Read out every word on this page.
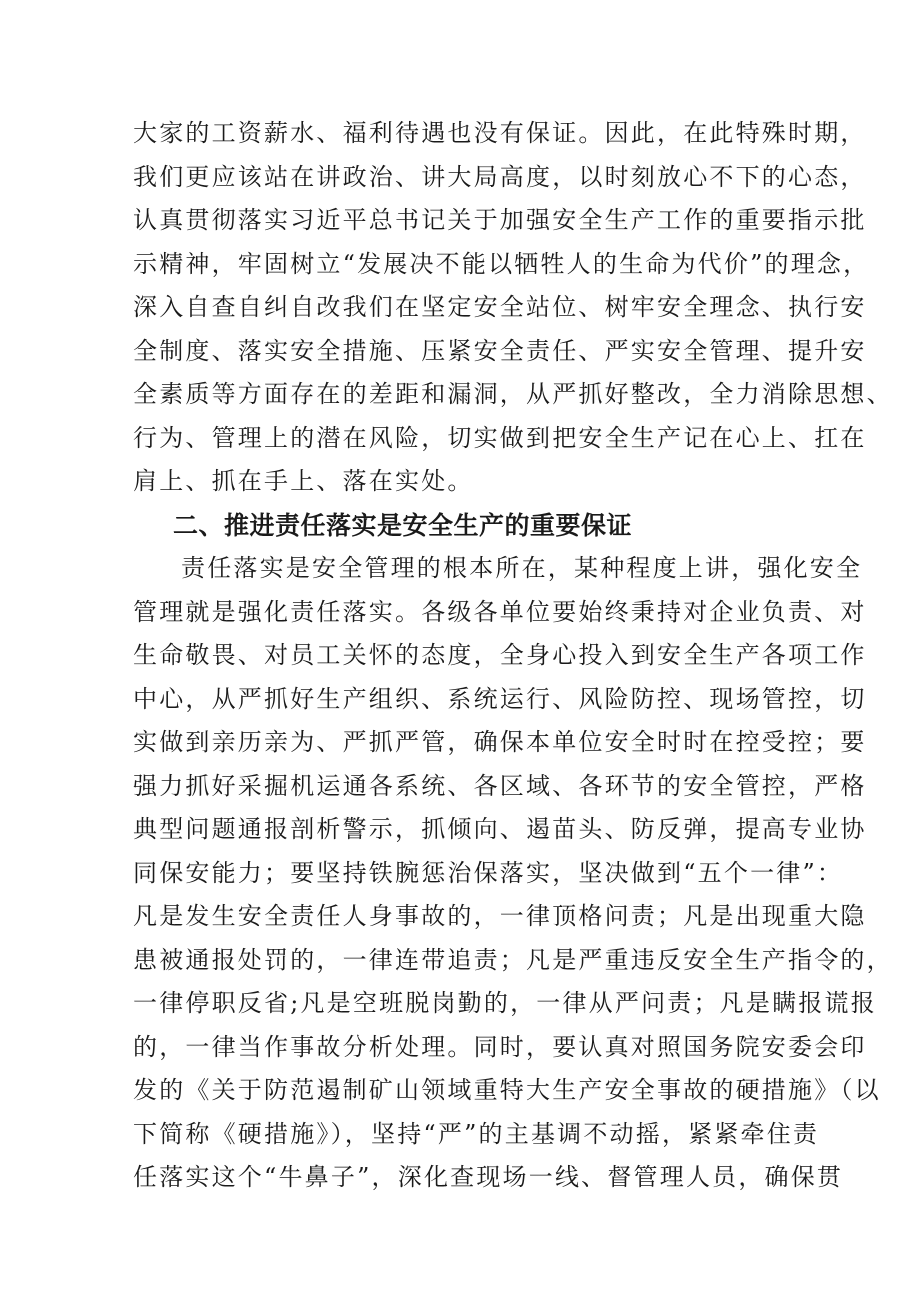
大家的工资薪水、福利待遇也没有保证。因此，在此特殊时期，
我们更应该站在讲政治、讲大局高度，以时刻放心不下的心态，
认真贯彻落实习近平总书记关于加强安全生产工作的重要指示批
示精神，牢固树立“发展决不能以牺牲人的生命为代价”的理念，
深入自查自纠自改我们在坚定安全站位、树牢安全理念、执行安
全制度、落实安全措施、压紧安全责任、严实安全管理、提升安
全素质等方面存在的差距和漏洞，从严抓好整改，全力消除思想、
行为、管理上的潜在风险，切实做到把安全生产记在心上、扛在
肩上、抓在手上、落在实处。
二、推进责任落实是安全生产的重要保证
责任落实是安全管理的根本所在，某种程度上讲，强化安全
管理就是强化责任落实。各级各单位要始终秉持对企业负责、对
生命敬畏、对员工关怀的态度，全身心投入到安全生产各项工作
中心，从严抓好生产组织、系统运行、风险防控、现场管控，切
实做到亲历亲为、严抓严管，确保本单位安全时时在控受控；要
强力抓好采掘机运通各系统、各区域、各环节的安全管控，严格
典型问题通报剖析警示，抓倾向、遏苗头、防反弹，提高专业协
同保安能力；要坚持铁腕惩治保落实，坚决做到“五个一律”：
凡是发生安全责任人身事故的，一律顶格问责；凡是出现重大隐
患被通报处罚的，一律连带追责；凡是严重违反安全生产指令的，
一律停职反省;凡是空班脱岗勤的，一律从严问责；凡是瞒报谎报
的，一律当作事故分析处理。同时，要认真对照国务院安委会印
发的《关于防范遏制矿山领域重特大生产安全事故的硬措施》（以
下简称《硬措施》），坚持“严”的主基调不动摇，紧紧牵住责
任落实这个“牛鼻子”，深化查现场一线、督管理人员，确保贯
